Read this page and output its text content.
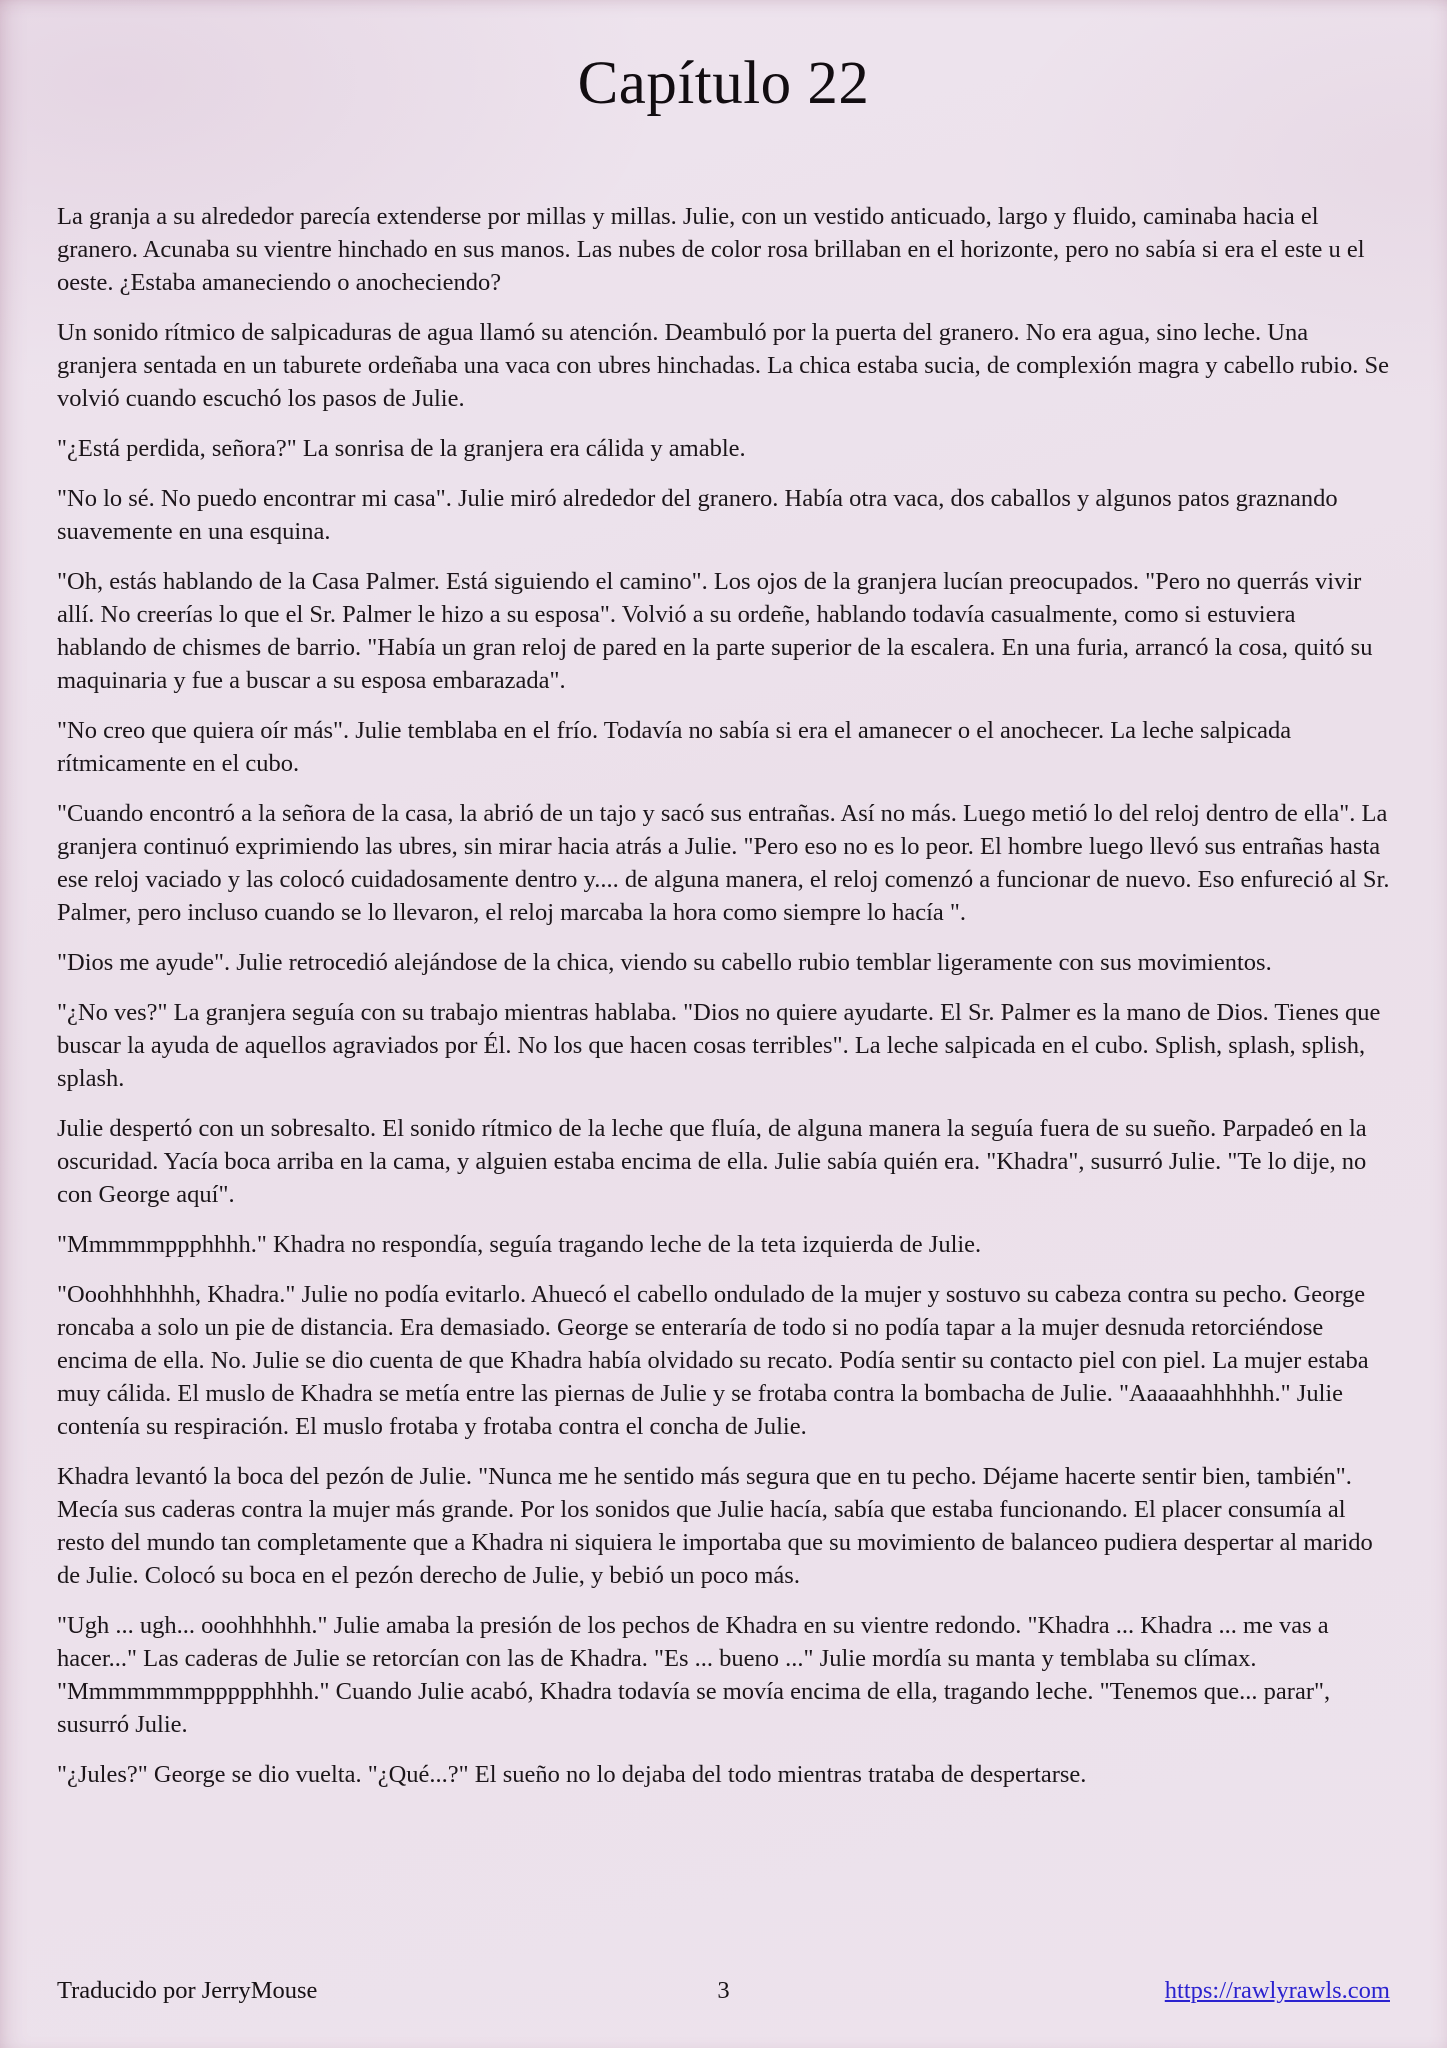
Capítulo 22

La granja a su alrededor parecía extenderse por millas y millas. Julie, con un vestido anticuado, largo y fluido, caminaba hacia el granero. Acunaba su vientre hinchado en sus manos. Las nubes de color rosa brillaban en el horizonte, pero no sabía si era el este u el oeste. ¿Estaba amaneciendo o anocheciendo?

Un sonido rítmico de salpicaduras de agua llamó su atención. Deambuló por la puerta del granero. No era agua, sino leche. Una granjera sentada en un taburete ordeñaba una vaca con ubres hinchadas. La chica estaba sucia, de complexión magra y cabello rubio. Se volvió cuando escuchó los pasos de Julie.

"¿Está perdida, señora?" La sonrisa de la granjera era cálida y amable.

"No lo sé. No puedo encontrar mi casa". Julie miró alrededor del granero. Había otra vaca, dos caballos y algunos patos graznando suavemente en una esquina.

"Oh, estás hablando de la Casa Palmer. Está siguiendo el camino". Los ojos de la granjera lucían preocupados. "Pero no querrás vivir allí. No creerías lo que el Sr. Palmer le hizo a su esposa". Volvió a su ordeñe, hablando todavía casualmente, como si estuviera hablando de chismes de barrio. "Había un gran reloj de pared en la parte superior de la escalera. En una furia, arrancó la cosa, quitó su maquinaria y fue a buscar a su esposa embarazada".

"No creo que quiera oír más". Julie temblaba en el frío. Todavía no sabía si era el amanecer o el anochecer. La leche salpicada rítmicamente en el cubo.

"Cuando encontró a la señora de la casa, la abrió de un tajo y sacó sus entrañas. Así no más. Luego metió lo del reloj dentro de ella". La granjera continuó exprimiendo las ubres, sin mirar hacia atrás a Julie. "Pero eso no es lo peor. El hombre luego llevó sus entrañas hasta ese reloj vaciado y las colocó cuidadosamente dentro y.... de alguna manera, el reloj comenzó a funcionar de nuevo. Eso enfureció al Sr. Palmer, pero incluso cuando se lo llevaron, el reloj marcaba la hora como siempre lo hacía ".

"Dios me ayude". Julie retrocedió alejándose de la chica, viendo su cabello rubio temblar ligeramente con sus movimientos.

"¿No ves?" La granjera seguía con su trabajo mientras hablaba. "Dios no quiere ayudarte. El Sr. Palmer es la mano de Dios. Tienes que buscar la ayuda de aquellos agraviados por Él. No los que hacen cosas terribles". La leche salpicada en el cubo. Splish, splash, splish, splash.

Julie despertó con un sobresalto. El sonido rítmico de la leche que fluía, de alguna manera la seguía fuera de su sueño. Parpadeó en la oscuridad. Yacía boca arriba en la cama, y alguien estaba encima de ella. Julie sabía quién era. "Khadra", susurró Julie. "Te lo dije, no con George aquí".

"Mmmmmppphhhh." Khadra no respondía, seguía tragando leche de la teta izquierda de Julie.

"Ooohhhhhhh, Khadra." Julie no podía evitarlo. Ahuecó el cabello ondulado de la mujer y sostuvo su cabeza contra su pecho. George roncaba a solo un pie de distancia. Era demasiado. George se enteraría de todo si no podía tapar a la mujer desnuda retorciéndose encima de ella. No. Julie se dio cuenta de que Khadra había olvidado su recato. Podía sentir su contacto piel con piel. La mujer estaba muy cálida. El muslo de Khadra se metía entre las piernas de Julie y se frotaba contra la bombacha de Julie. "Aaaaaahhhhhh." Julie contenía su respiración. El muslo frotaba y frotaba contra el concha de Julie.

Khadra levantó la boca del pezón de Julie. "Nunca me he sentido más segura que en tu pecho. Déjame hacerte sentir bien, también". Mecía sus caderas contra la mujer más grande. Por los sonidos que Julie hacía, sabía que estaba funcionando. El placer consumía al resto del mundo tan completamente que a Khadra ni siquiera le importaba que su movimiento de balanceo pudiera despertar al marido de Julie. Colocó su boca en el pezón derecho de Julie, y bebió un poco más.

"Ugh ... ugh... ooohhhhhh." Julie amaba la presión de los pechos de Khadra en su vientre redondo. "Khadra ... Khadra ... me vas a hacer..." Las caderas de Julie se retorcían con las de Khadra. "Es ... bueno ..." Julie mordía su manta y temblaba su clímax. "Mmmmmmmppppphhhh." Cuando Julie acabó, Khadra todavía se movía encima de ella, tragando leche. "Tenemos que... parar", susurró Julie.

"¿Jules?" George se dio vuelta. "¿Qué...?" El sueño no lo dejaba del todo mientras trataba de despertarse.

Traducido por JerryMouse	3	https://rawlyrawls.com
